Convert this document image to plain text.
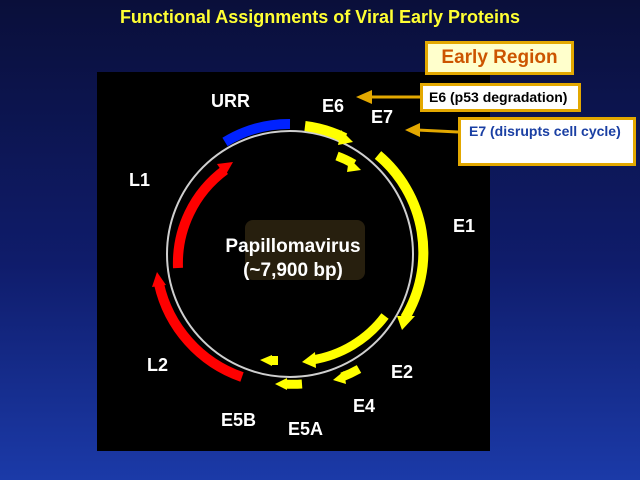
Functional Assignments of Viral Early Proteins
URR	E6
E7
E1
E2
E4
E5A
E5B
L1
L2
Papillomavirus
(~7,900 bp)
Early Region
E6 (p53 degradation)
E7 (disrupts cell cycle)
